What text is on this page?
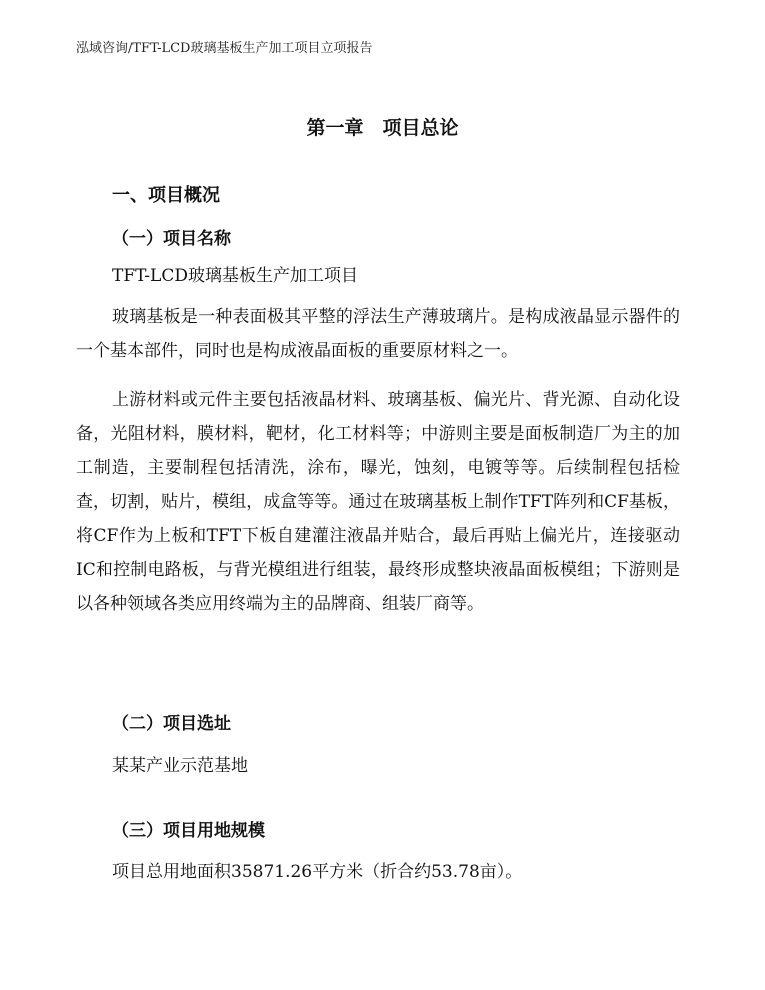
泓域咨询/TFT-LCD玻璃基板生产加工项目立项报告
第一章　项目总论
一、项目概况
（一）项目名称
TFT-LCD玻璃基板生产加工项目
玻璃基板是一种表面极其平整的浮法生产薄玻璃片。是构成液晶显示器件的一个基本部件，同时也是构成液晶面板的重要原材料之一。
上游材料或元件主要包括液晶材料、玻璃基板、偏光片、背光源、自动化设备，光阻材料，膜材料，靶材，化工材料等；中游则主要是面板制造厂为主的加工制造，主要制程包括清洗，涂布，曝光，蚀刻，电镀等等。后续制程包括检查，切割，贴片，模组，成盒等等。通过在玻璃基板上制作TFT阵列和CF基板，将CF作为上板和TFT下板自建灌注液晶并贴合，最后再贴上偏光片，连接驱动IC和控制电路板，与背光模组进行组装，最终形成整块液晶面板模组；下游则是以各种领域各类应用终端为主的品牌商、组装厂商等。
（二）项目选址
某某产业示范基地
（三）项目用地规模
项目总用地面积35871.26平方米（折合约53.78亩）。
